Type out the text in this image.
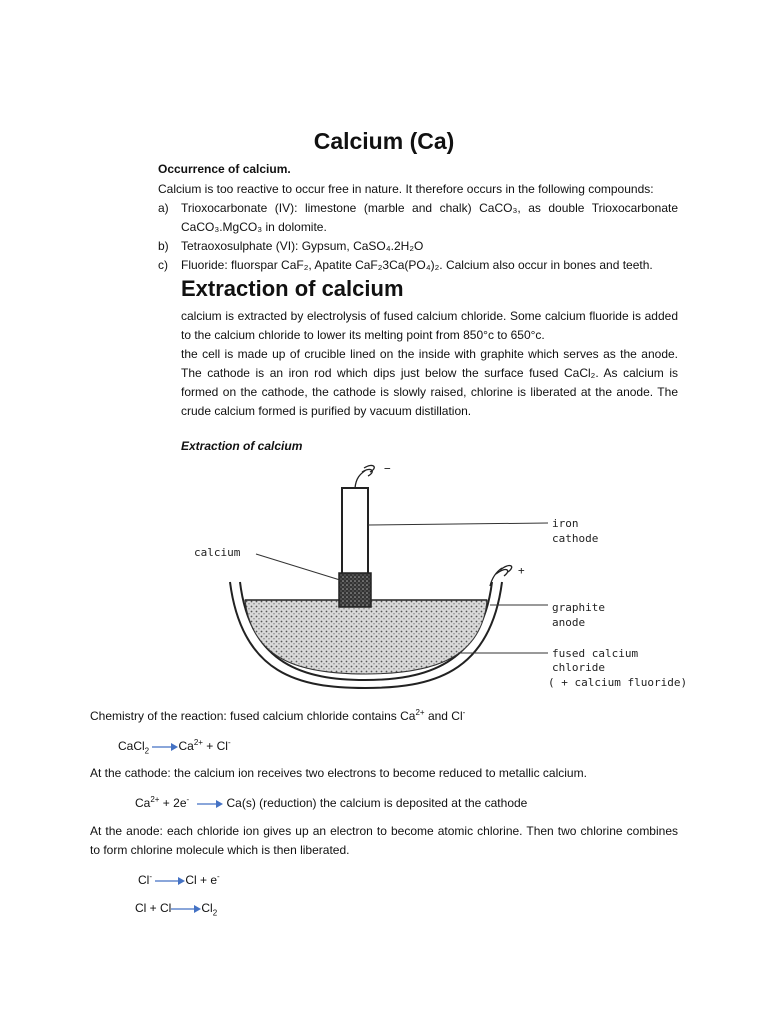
Calcium (Ca)
Occurrence of calcium.
Calcium is too reactive to occur free in nature. It therefore occurs in the following compounds:
a) Trioxocarbonate (IV): limestone (marble and chalk) CaCO₃, as double Trioxocarbonate CaCO₃.MgCO₃ in dolomite.
b) Tetraoxosulphate (VI): Gypsum, CaSO₄.2H₂O
c) Fluoride: fluorspar CaF₂, Apatite CaF₂3Ca(PO₄)₂. Calcium also occur in bones and teeth.
Extraction of calcium
calcium is extracted by electrolysis of fused calcium chloride. Some calcium fluoride is added to the calcium chloride to lower its melting point from 850°c to 650°c.
the cell is made up of crucible lined on the inside with graphite which serves as the anode. The cathode is an iron rod which dips just below the surface fused CaCl₂. As calcium is formed on the cathode, the cathode is slowly raised, chlorine is liberated at the anode. The crude calcium formed is purified by vacuum distillation.
Extraction of calcium
−
+
calcium
iron
cathode
graphite
anode
fused calcium
chloride
( + calcium fluoride)
Chemistry of the reaction: fused calcium chloride contains $Ca^{2+}$ and Cl-
CaCl$_2$ $\to Ca^{2+} + Cl^-$
At the cathode: the calcium ion receives two electrons to become reduced to metallic calcium.
$Ca^{2+} + 2e^- \to Ca(s)$ (reduction) the calcium is deposited at the cathode
At the anode: each chloride ion gives up an electron to become atomic chlorine. Then two chlorine combines to form chlorine molecule which is then liberated.
Cl- →Cl + e-
$Cl + Cl\to Cl_2$
